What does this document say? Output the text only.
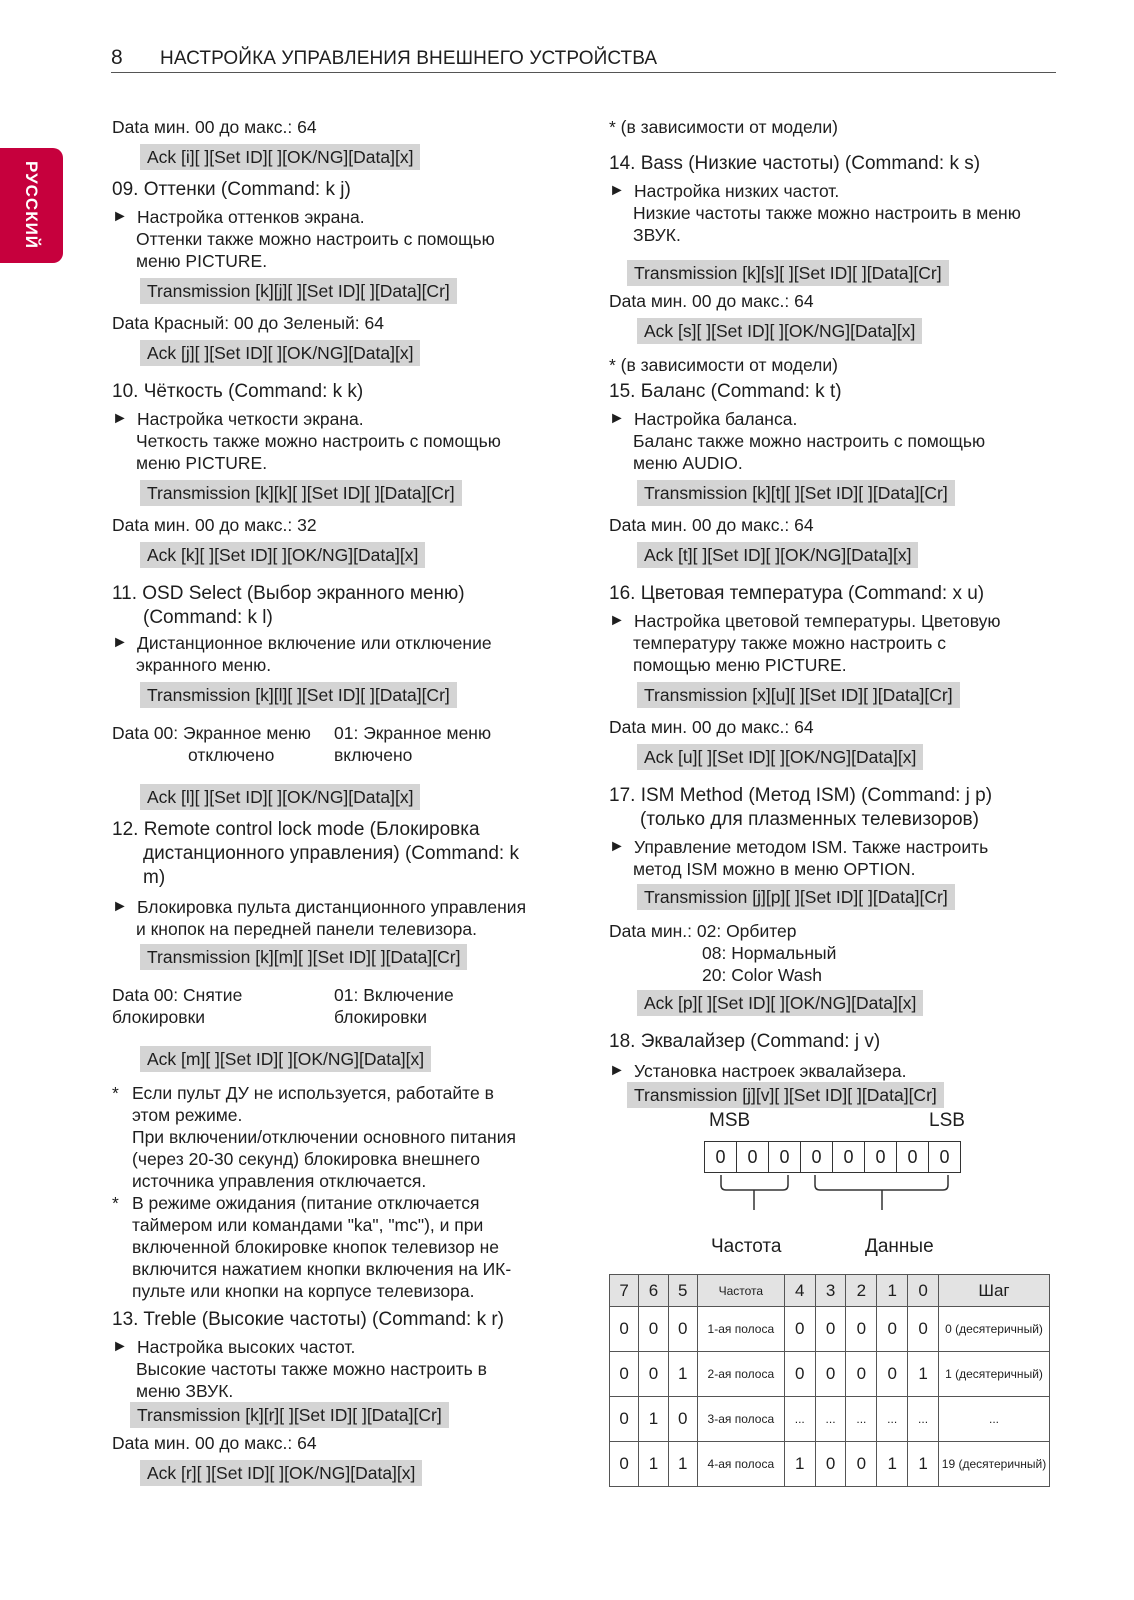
8 НАСТРОЙКА УПРАВЛЕНИЯ ВНЕШНЕГО УСТРОЙСТВА
РУССКИЙ
Data мин. 00 до макс.: 64
Ack [i][ ][Set ID][ ][OK/NG][Data][x]
09. Оттенки (Command: k j)
► Настройка оттенков экрана.
Оттенки также можно настроить с помощью
меню PICTURE.
Transmission [k][j][ ][Set ID][ ][Data][Cr]
Data Красный: 00 до Зеленый: 64
Ack [j][ ][Set ID][ ][OK/NG][Data][x]
10. Чёткость (Command: k k)
► Настройка четкости экрана.
Четкость также можно настроить с помощью
меню PICTURE.
Transmission [k][k][ ][Set ID][ ][Data][Cr]
Data мин. 00 до макс.: 32
Ack [k][ ][Set ID][ ][OK/NG][Data][x]
11. OSD Select (Выбор экранного меню)
(Command: k l)
► Дистанционное включение или отключение
экранного меню.
Transmission [k][l][ ][Set ID][ ][Data][Cr]
Data 00: Экранное меню
отключено
01: Экранное меню
включено
Ack [l][ ][Set ID][ ][OK/NG][Data][x]
12. Remote control lock mode (Блокировка
дистанционного управления) (Command: k
m)
► Блокировка пульта дистанционного управления
и кнопок на передней панели телевизора.
Transmission [k][m][ ][Set ID][ ][Data][Cr]
Data 00: Снятие
блокировки
01: Включение
блокировки
Ack [m][ ][Set ID][ ][OK/NG][Data][x]
* Если пульт ДУ не используется, работайте в
этом режиме.
При включении/отключении основного питания
(через 20-30 секунд) блокировка внешнего
источника управления отключается.
* В режиме ожидания (питание отключается
таймером или командами "ka", "mc"), и при
включенной блокировке кнопок телевизор не
включится нажатием кнопки включения на ИК-
пульте или кнопки на корпусе телевизора.
13. Treble (Высокие частоты) (Command: k r)
► Настройка высоких частот.
Высокие частоты также можно настроить в
меню ЗВУК.
Transmission [k][r][ ][Set ID][ ][Data][Cr]
Data мин. 00 до макс.: 64
Ack [r][ ][Set ID][ ][OK/NG][Data][x]
* (в зависимости от модели)
14. Bass (Низкие частоты) (Command: k s)
► Настройка низких частот.
Низкие частоты также можно настроить в меню
ЗВУК.
Transmission [k][s][ ][Set ID][ ][Data][Cr]
Data мин. 00 до макс.: 64
Ack [s][ ][Set ID][ ][OK/NG][Data][x]
* (в зависимости от модели)
15. Баланс (Command: k t)
► Настройка баланса.
Баланс также можно настроить с помощью
меню AUDIO.
Transmission [k][t][ ][Set ID][ ][Data][Cr]
Data мин. 00 до макс.: 64
Ack [t][ ][Set ID][ ][OK/NG][Data][x]
16. Цветовая температура (Command: x u)
► Настройка цветовой температуры. Цветовую
температуру также можно настроить с
помощью меню PICTURE.
Transmission [x][u][ ][Set ID][ ][Data][Cr]
Data мин. 00 до макс.: 64
Ack [u][ ][Set ID][ ][OK/NG][Data][x]
17. ISM Method (Метод ISM) (Command: j p)
(только для плазменных телевизоров)
► Управление методом ISM. Также настроить
метод ISM можно в меню OPTION.
Transmission [j][p][ ][Set ID][ ][Data][Cr]
Data мин.: 02: Орбитер
08: Нормальный
20: Color Wash
Ack [p][ ][Set ID][ ][OK/NG][Data][x]
18. Эквалайзер (Command: j v)
► Установка настроек эквалайзера.
Transmission [j][v][ ][Set ID][ ][Data][Cr]
MSB	LSB
0	0	0	0	0	0	0	0
Частота	Данные
7	6	5	Частота	4	3	2	1	0	Шаг
0	0	0	1-ая полоса	0	0	0	0	0	0 (десятеричный)
0	0	1	2-ая полоса	0	0	0	0	1	1 (десятеричный)
0	1	0	3-ая полоса	...	...	...	...	...	...
0	1	1	4-ая полоса	1	0	0	1	1	19 (десятеричный)
